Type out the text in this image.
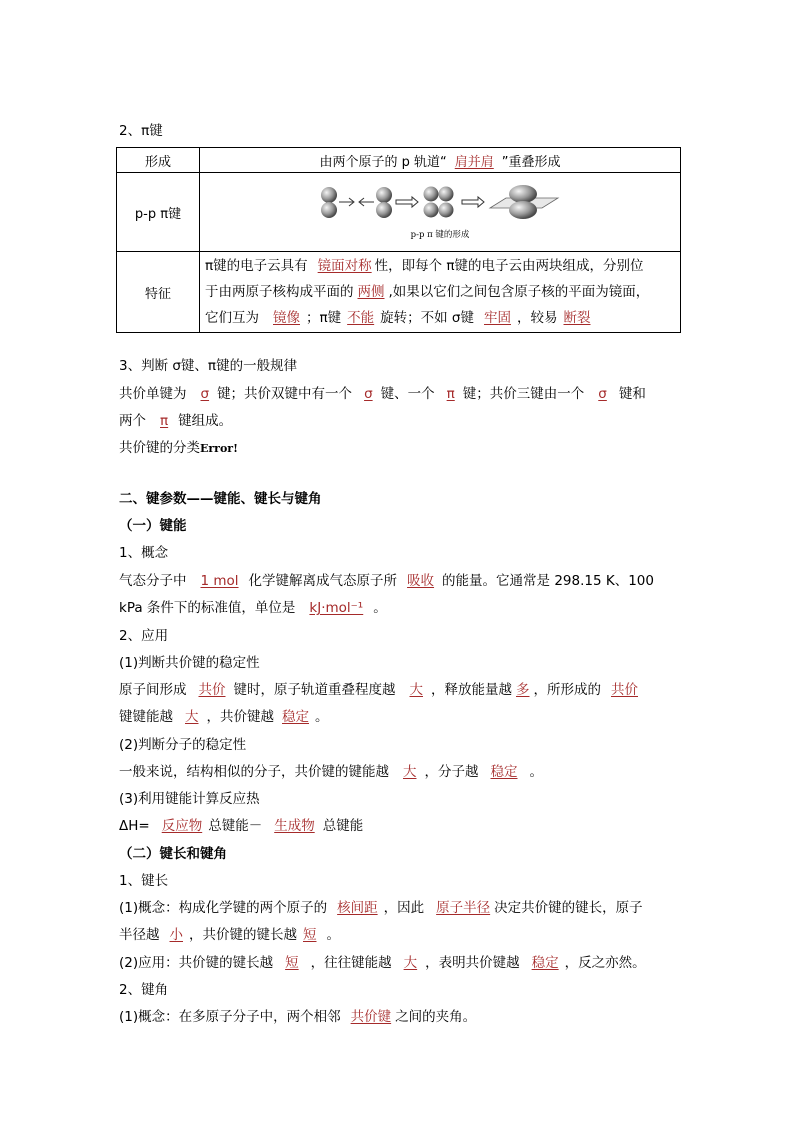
2、π键
形成	由两个原子的 p 轨道“ 肩并肩 ”重叠形成
p-p π键	p-p π 键的形成

特征	π键的电子云具有 镜面对称 性，即每个 π键的电子云由两块组成，分别位
于由两原子核构成平面的 两侧 ,如果以它们之间包含原子核的平面为镜面，
它们互为 镜像 ；π键 不能 旋转；不如 σ键 牢固 ，较易 断裂
3、判断 σ键、π键的一般规律
共价单键为 σ 键；共价双键中有一个 σ 键、一个 π 键；共价三键由一个 σ 键和
两个 π 键组成。
共价键的分类Error!
二、键参数——键能、键长与键角
（一）键能
1、概念
气态分子中 1 mol 化学键解离成气态原子所 吸收 的能量。它通常是 298.15 K、100
kPa 条件下的标准值，单位是 kJ·mol⁻¹ 。
2、应用
(1)判断共价键的稳定性
原子间形成 共价 键时，原子轨道重叠程度越 大 ，释放能量越 多 ，所形成的 共价
键键能越 大 ，共价键越 稳定 。
(2)判断分子的稳定性
一般来说，结构相似的分子，共价键的键能越 大 ，分子越 稳定 。
(3)利用键能计算反应热
ΔH= 反应物 总键能－ 生成物 总键能
（二）键长和键角
1、键长
(1)概念：构成化学键的两个原子的 核间距 ，因此 原子半径 决定共价键的键长，原子
半径越 小 ，共价键的键长越 短 。
(2)应用：共价键的键长越 短 ，往往键能越 大 ，表明共价键越 稳定 ，反之亦然。
2、键角
(1)概念：在多原子分子中，两个相邻 共价键 之间的夹角。
